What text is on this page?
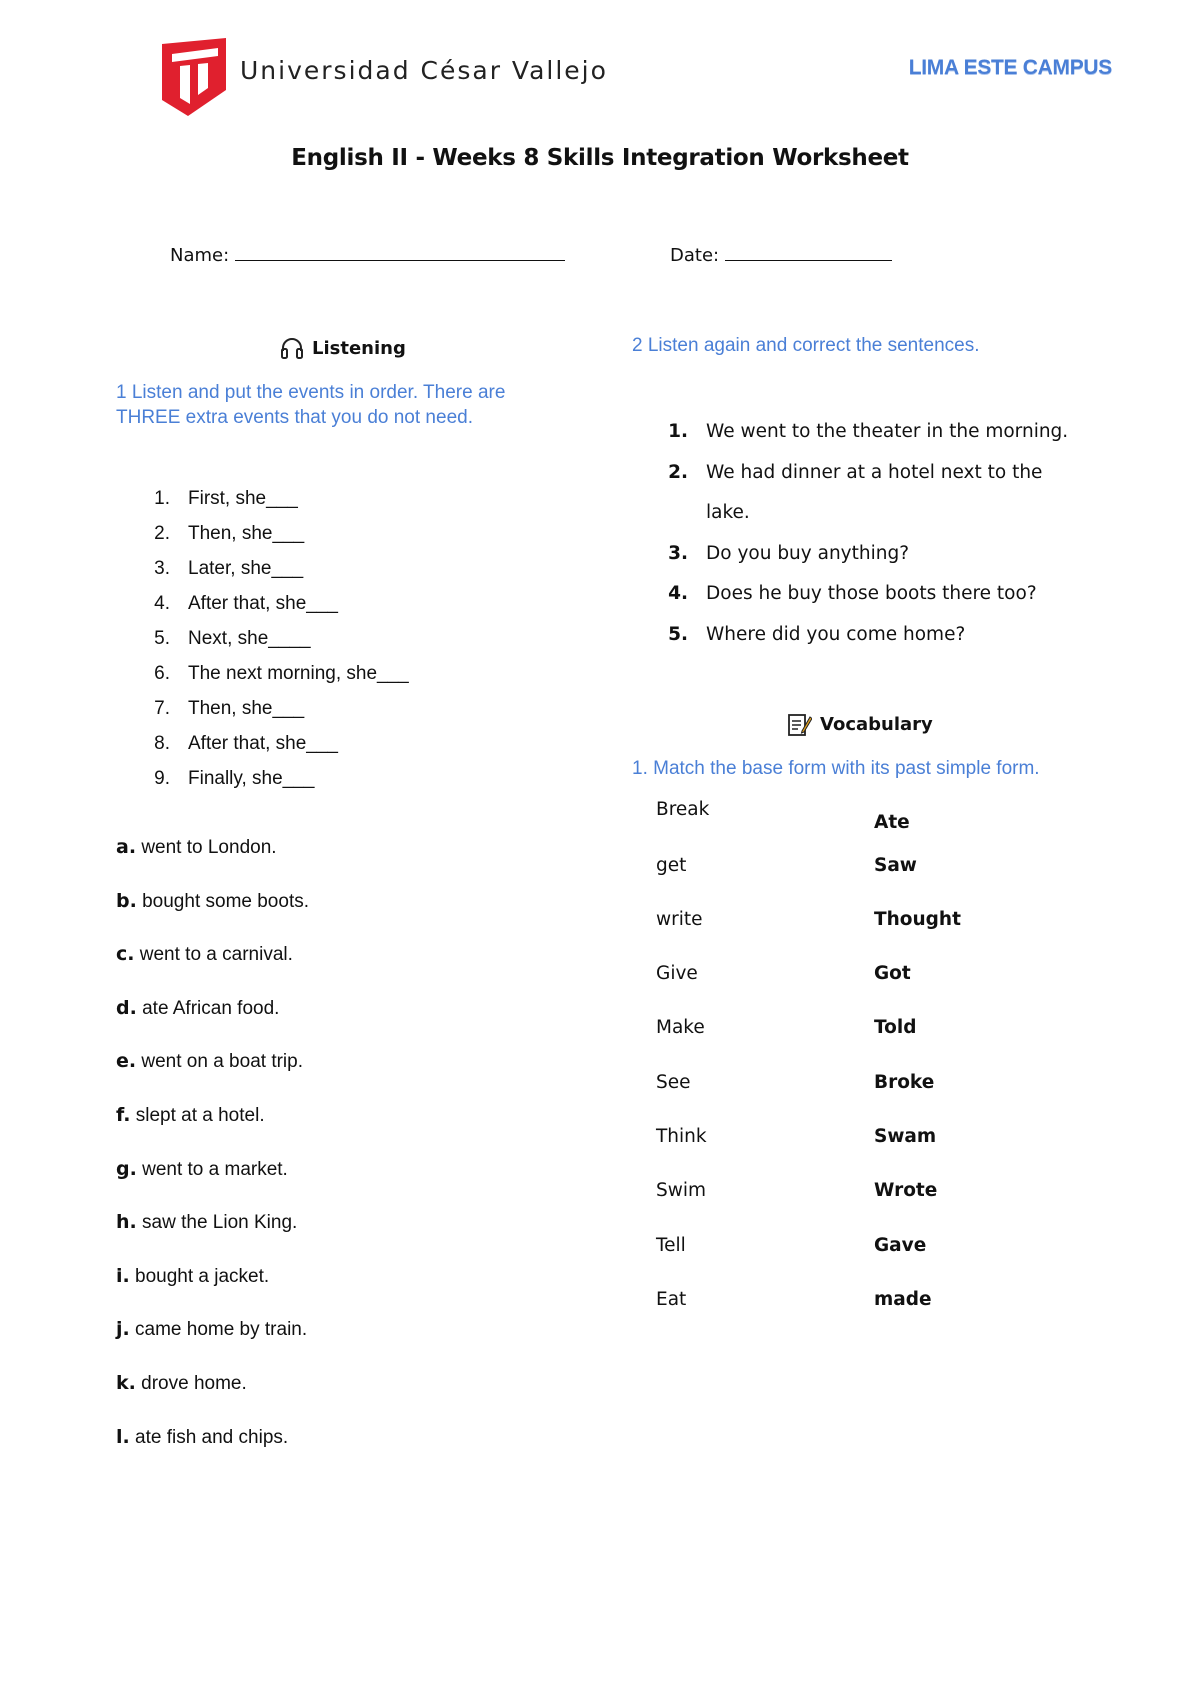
Universidad César Vallejo	LIMA ESTE CAMPUS
English II - Weeks 8 Skills Integration Worksheet
Name:	Date:
Listening
1 Listen and put the events in order. There are THREE extra events that you do not need.
1. First, she___
2. Then, she___
3. Later, she___
4. After that, she___
5. Next, she____
6. The next morning, she___
7. Then, she___
8. After that, she___
9. Finally, she___
a. went to London.
b. bought some boots.
c. went to a carnival.
d. ate African food.
e. went on a boat trip.
f. slept at a hotel.
g. went to a market.
h. saw the Lion King.
i. bought a jacket.
j. came home by train.
k. drove home.
l. ate fish and chips.
2 Listen again and correct the sentences.
1. We went to the theater in the morning.
2. We had dinner at a hotel next to the
lake.
3. Do you buy anything?
4. Does he buy those boots there too?
5. Where did you come home?
Vocabulary
1. Match the base form with its past simple form.
Break
get
write
Give
Make
See
Think
Swim
Tell
Eat
Ate
Saw
Thought
Got
Told
Broke
Swam
Wrote
Gave
made
